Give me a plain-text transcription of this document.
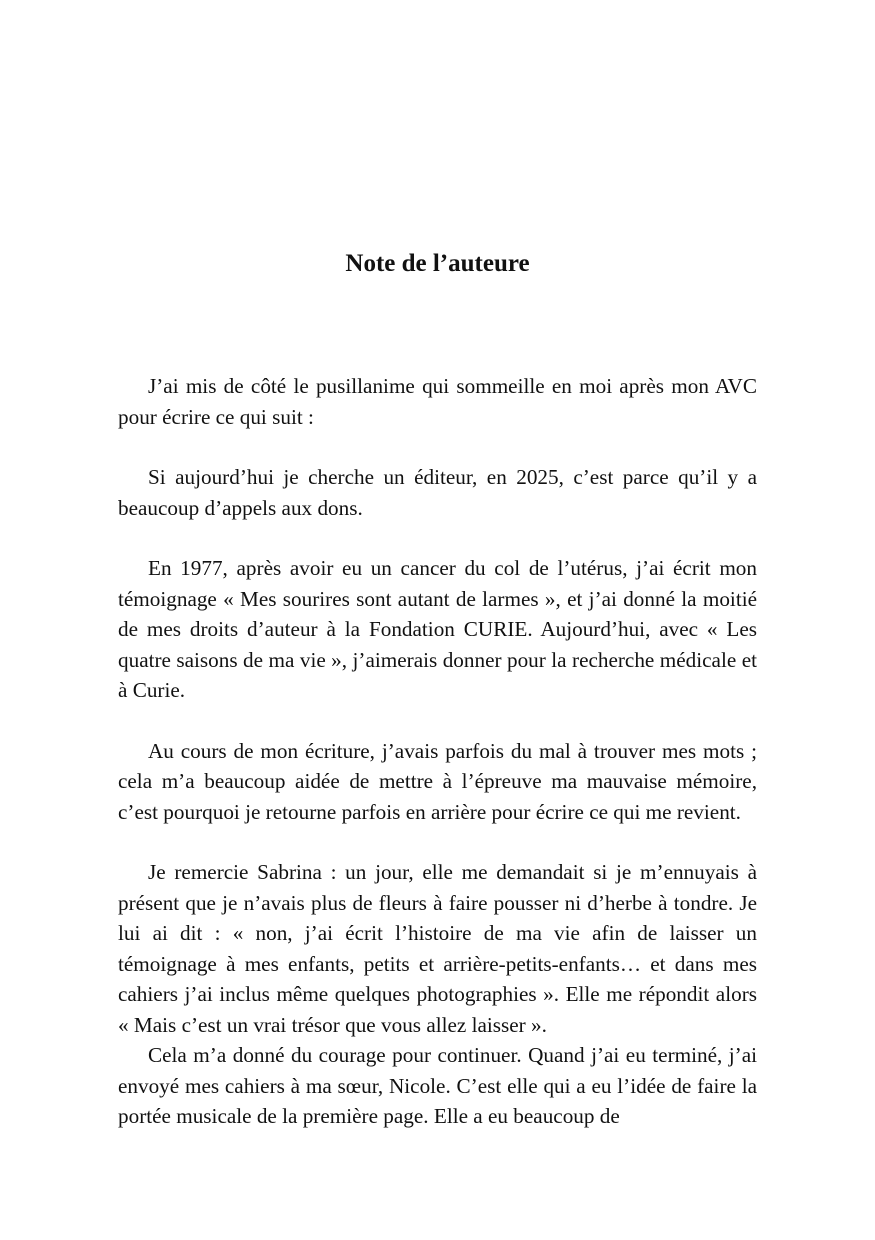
Note de l’auteure

J’ai mis de côté le pusillanime qui sommeille en moi après mon AVC pour écrire ce qui suit :

Si aujourd’hui je cherche un éditeur, en 2025, c’est parce qu’il y a beaucoup d’appels aux dons.

En 1977, après avoir eu un cancer du col de l’utérus, j’ai écrit mon témoignage « Mes sourires sont autant de larmes », et j’ai donné la moitié de mes droits d’auteur à la Fondation CURIE. Aujourd’hui, avec « Les quatre saisons de ma vie », j’aimerais donner pour la recherche médicale et à Curie.

Au cours de mon écriture, j’avais parfois du mal à trouver mes mots ; cela m’a beaucoup aidée de mettre à l’épreuve ma mauvaise mémoire, c’est pourquoi je retourne parfois en arrière pour écrire ce qui me revient.

Je remercie Sabrina : un jour, elle me demandait si je m’ennuyais à présent que je n’avais plus de fleurs à faire pousser ni d’herbe à tondre. Je lui ai dit : « non, j’ai écrit l’histoire de ma vie afin de laisser un témoignage à mes enfants, petits et arrière-petits-enfants… et dans mes cahiers j’ai inclus même quelques photographies ». Elle me répondit alors « Mais c’est un vrai trésor que vous allez laisser ».

Cela m’a donné du courage pour continuer. Quand j’ai eu terminé, j’ai envoyé mes cahiers à ma sœur, Nicole. C’est elle qui a eu l’idée de faire la portée musicale de la première page. Elle a eu beaucoup de
